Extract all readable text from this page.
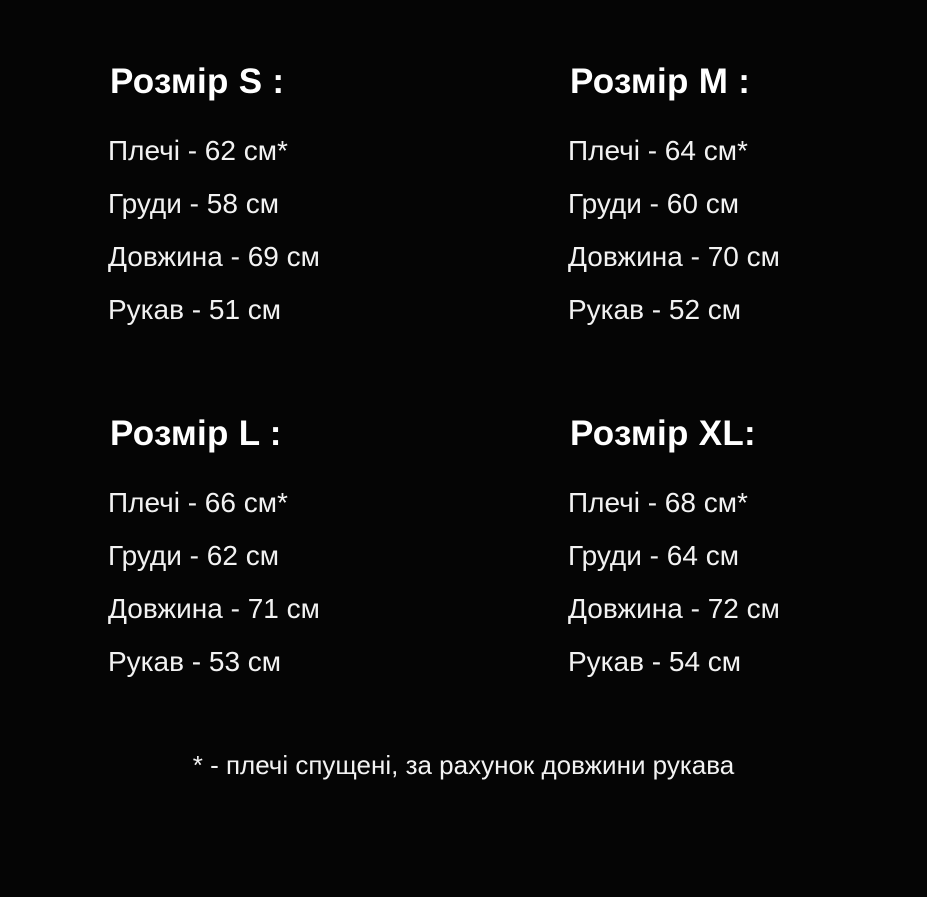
Розмір S :
Плечі - 62 см*
Груди - 58 см
Довжина - 69 см
Рукав - 51 см
Розмір M :
Плечі - 64 см*
Груди - 60 см
Довжина - 70 см
Рукав - 52 см
Розмір L :
Плечі - 66 см*
Груди - 62 см
Довжина - 71 см
Рукав - 53 см
Розмір XL:
Плечі - 68 см*
Груди - 64 см
Довжина - 72 см
Рукав - 54 см
* - плечі спущені, за рахунок довжини рукава
